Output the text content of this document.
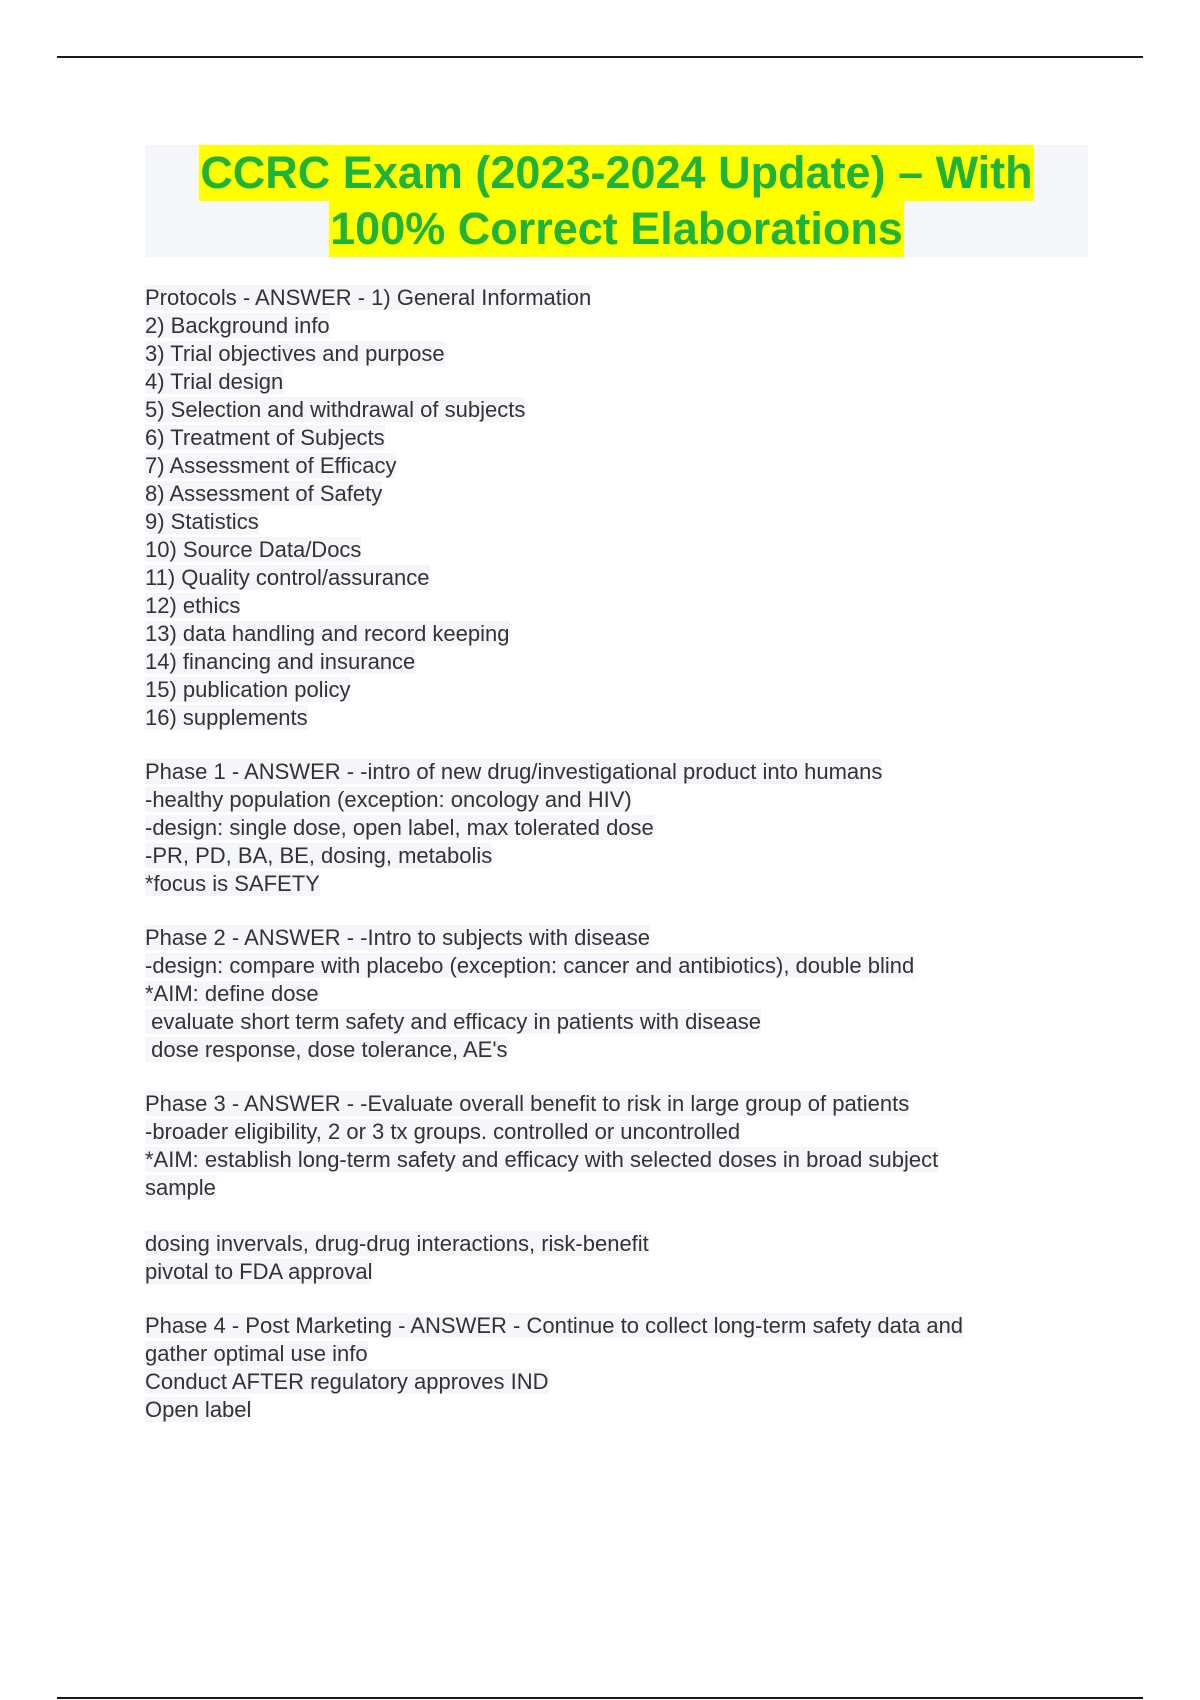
CCRC Exam (2023-2024 Update) – With
100% Correct Elaborations
Protocols - ANSWER - 1) General Information
2) Background info
3) Trial objectives and purpose
4) Trial design
5) Selection and withdrawal of subjects
6) Treatment of Subjects
7) Assessment of Efficacy
8) Assessment of Safety
9) Statistics
10) Source Data/Docs
11) Quality control/assurance
12) ethics
13) data handling and record keeping
14) financing and insurance
15) publication policy
16) supplements
Phase 1 - ANSWER - -intro of new drug/investigational product into humans
-healthy population (exception: oncology and HIV)
-design: single dose, open label, max tolerated dose
-PR, PD, BA, BE, dosing, metabolis
*focus is SAFETY
Phase 2 - ANSWER - -Intro to subjects with disease
-design: compare with placebo (exception: cancer and antibiotics), double blind
*AIM: define dose
evaluate short term safety and efficacy in patients with disease
dose response, dose tolerance, AE's
Phase 3 - ANSWER - -Evaluate overall benefit to risk in large group of patients
-broader eligibility, 2 or 3 tx groups. controlled or uncontrolled
*AIM: establish long-term safety and efficacy with selected doses in broad subject
sample
dosing invervals, drug-drug interactions, risk-benefit
pivotal to FDA approval
Phase 4 - Post Marketing - ANSWER - Continue to collect long-term safety data and
gather optimal use info
Conduct AFTER regulatory approves IND
Open label
